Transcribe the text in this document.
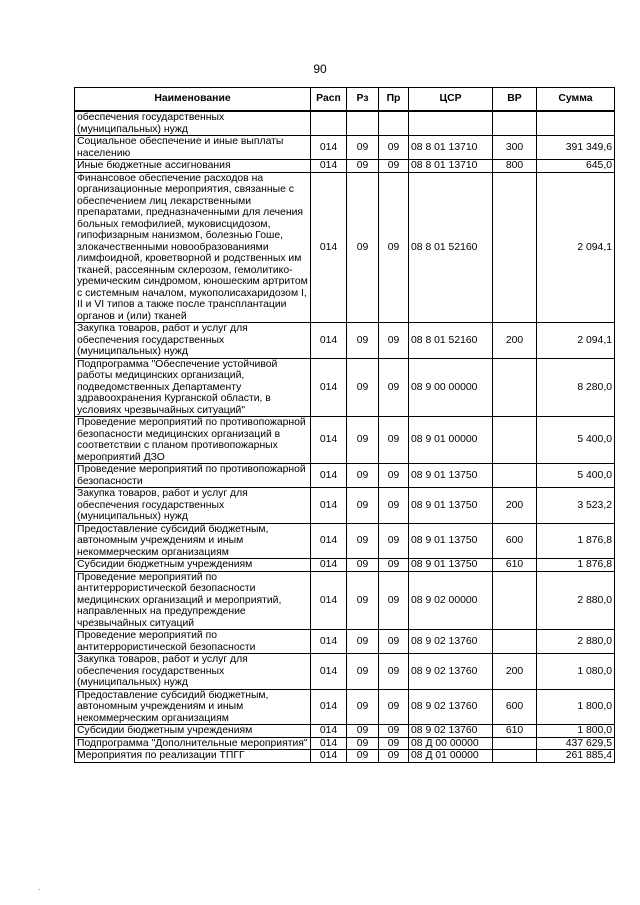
90
Наименование	Расп	Рз	Пр	ЦСР	ВР	Сумма
обеспечения государственных (муниципальных) нужд						
Социальное обеспечение и иные выплаты населению	014	09	09	08 8 01 13710	300	391 349,6
Иные бюджетные ассигнования	014	09	09	08 8 01 13710	800	645,0
Финансовое обеспечение расходов на организационные мероприятия, связанные с обеспечением лиц лекарственными препаратами, предназначенными для лечения больных гемофилией, муковисцидозом, гипофизарным нанизмом, болезнью Гоше, злокачественными новообразованиями лимфоидной, кроветворной и родственных им тканей, рассеянным склерозом, гемолитико-уремическим синдромом, юношеским артритом с системным началом, мукополисахаридозом I, II и VI типов а также после трансплантации органов и (или) тканей	014	09	09	08 8 01 52160		2 094,1
Закупка товаров, работ и услуг для обеспечения государственных (муниципальных) нужд	014	09	09	08 8 01 52160	200	2 094,1
Подпрограмма "Обеспечение устойчивой работы медицинских организаций, подведомственных Департаменту здравоохранения Курганской области, в условиях чрезвычайных ситуаций"	014	09	09	08 9 00 00000		8 280,0
Проведение мероприятий по противопожарной безопасности медицинских организаций в соответствии с планом противопожарных мероприятий ДЗО	014	09	09	08 9 01 00000		5 400,0
Проведение мероприятий по противопожарной безопасности	014	09	09	08 9 01 13750		5 400,0
Закупка товаров, работ и услуг для обеспечения государственных (муниципальных) нужд	014	09	09	08 9 01 13750	200	3 523,2
Предоставление субсидий бюджетным, автономным учреждениям и иным некоммерческим организациям	014	09	09	08 9 01 13750	600	1 876,8
Субсидии бюджетным учреждениям	014	09	09	08 9 01 13750	610	1 876,8
Проведение мероприятий по антитеррористической безопасности медицинских организаций и мероприятий, направленных на предупреждение чрезвычайных ситуаций	014	09	09	08 9 02 00000		2 880,0
Проведение мероприятий по антитеррористической безопасности	014	09	09	08 9 02 13760		2 880,0
Закупка товаров, работ и услуг для обеспечения государственных (муниципальных) нужд	014	09	09	08 9 02 13760	200	1 080,0
Предоставление субсидий бюджетным, автономным учреждениям и иным некоммерческим организациям	014	09	09	08 9 02 13760	600	1 800,0
Субсидии бюджетным учреждениям	014	09	09	08 9 02 13760	610	1 800,0
Подпрограмма "Дополнительные мероприятия"	014	09	09	08 Д 00 00000		437 629,5
Мероприятия по реализации ТПГГ	014	09	09	08 Д 01 00000		261 885,4
·
